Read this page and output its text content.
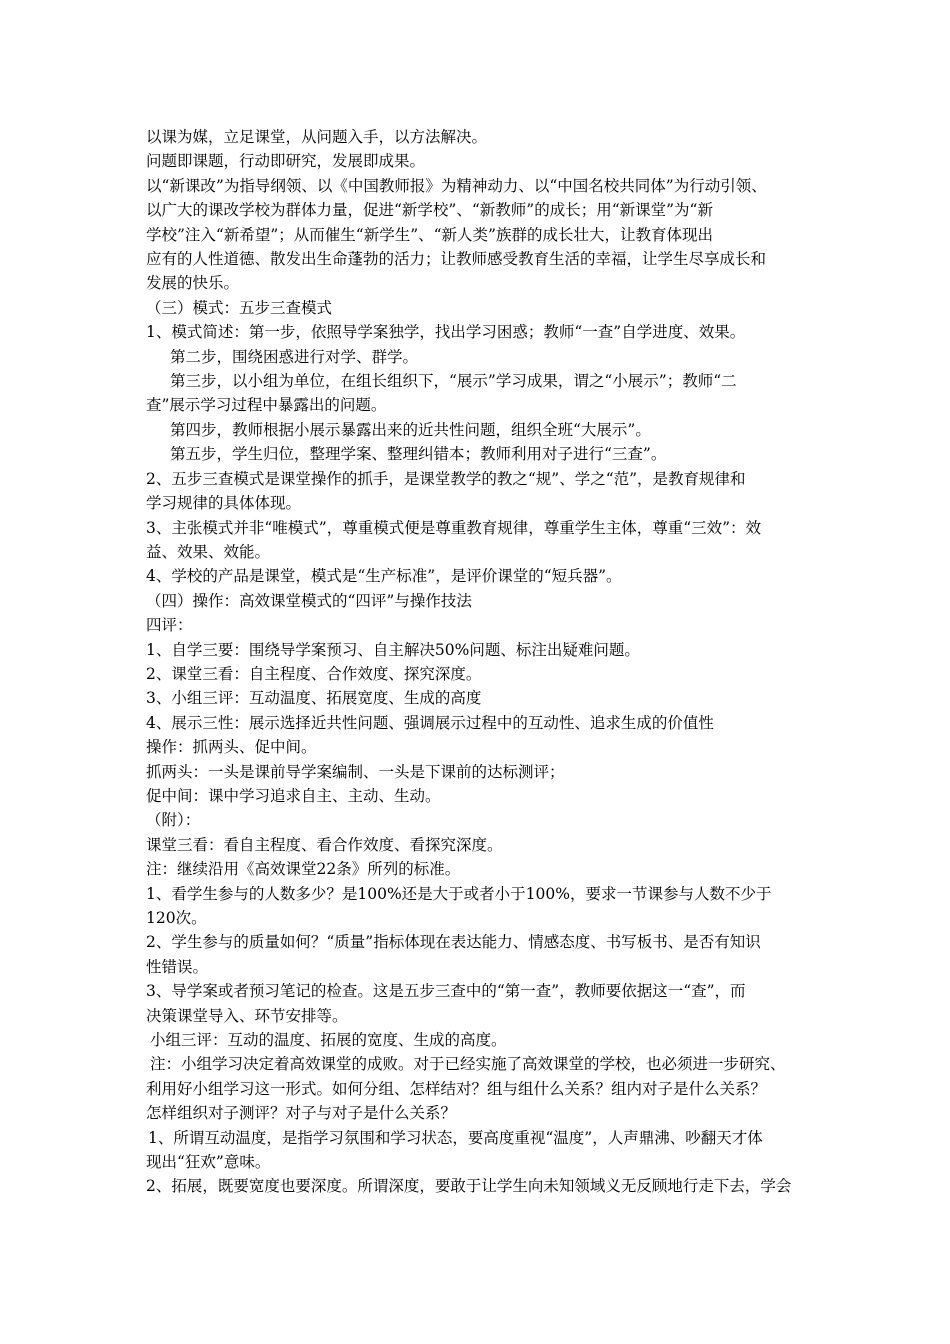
以课为媒，立足课堂，从问题入手，以方法解决。
问题即课题，行动即研究，发展即成果。
以“新课改”为指导纲领、以《中国教师报》为精神动力、以“中国名校共同体”为行动引领、
以广大的课改学校为群体力量，促进“新学校”、“新教师”的成长；用“新课堂”为“新
学校”注入“新希望”；从而催生“新学生”、“新人类”族群的成长壮大，让教育体现出
应有的人性道德、散发出生命蓬勃的活力；让教师感受教育生活的幸福，让学生尽享成长和
发展的快乐。
（三）模式：五步三查模式
1、模式简述：第一步，依照导学案独学，找出学习困惑；教师“一查”自学进度、效果。
第二步，围绕困惑进行对学、群学。
第三步，以小组为单位，在组长组织下，“展示”学习成果，谓之“小展示”；教师“二
查”展示学习过程中暴露出的问题。
第四步，教师根据小展示暴露出来的近共性问题，组织全班“大展示”。
第五步，学生归位，整理学案、整理纠错本；教师利用对子进行“三查”。
2、五步三查模式是课堂操作的抓手，是课堂教学的教之“规”、学之“范”，是教育规律和
学习规律的具体体现。
3、主张模式并非“唯模式”，尊重模式便是尊重教育规律，尊重学生主体，尊重“三效”：效
益、效果、效能。
4、学校的产品是课堂，模式是“生产标准”，是评价课堂的“短兵器”。
（四）操作：高效课堂模式的“四评”与操作技法
四评：
1、自学三要：围绕导学案预习、自主解决50%问题、标注出疑难问题。
2、课堂三看：自主程度、合作效度、探究深度。
3、小组三评：互动温度、拓展宽度、生成的高度
4、展示三性：展示选择近共性问题、强调展示过程中的互动性、追求生成的价值性
操作：抓两头、促中间。
抓两头：一头是课前导学案编制、一头是下课前的达标测评；
促中间：课中学习追求自主、主动、生动。
（附）：
课堂三看：看自主程度、看合作效度、看探究深度。
注：继续沿用《高效课堂22条》所列的标准。
1、看学生参与的人数多少？是100%还是大于或者小于100%，要求一节课参与人数不少于
120次。
2、学生参与的质量如何？“质量”指标体现在表达能力、情感态度、书写板书、是否有知识
性错误。
3、导学案或者预习笔记的检查。这是五步三查中的“第一查”，教师要依据这一“查”，而
决策课堂导入、环节安排等。
小组三评：互动的温度、拓展的宽度、生成的高度。
注：小组学习决定着高效课堂的成败。对于已经实施了高效课堂的学校，也必须进一步研究、
利用好小组学习这一形式。如何分组、怎样结对？组与组什么关系？组内对子是什么关系？
怎样组织对子测评？对子与对子是什么关系？
1、所谓互动温度，是指学习氛围和学习状态，要高度重视“温度”，人声鼎沸、吵翻天才体
现出“狂欢”意味。
2、拓展，既要宽度也要深度。所谓深度，要敢于让学生向未知领域义无反顾地行走下去，学会
